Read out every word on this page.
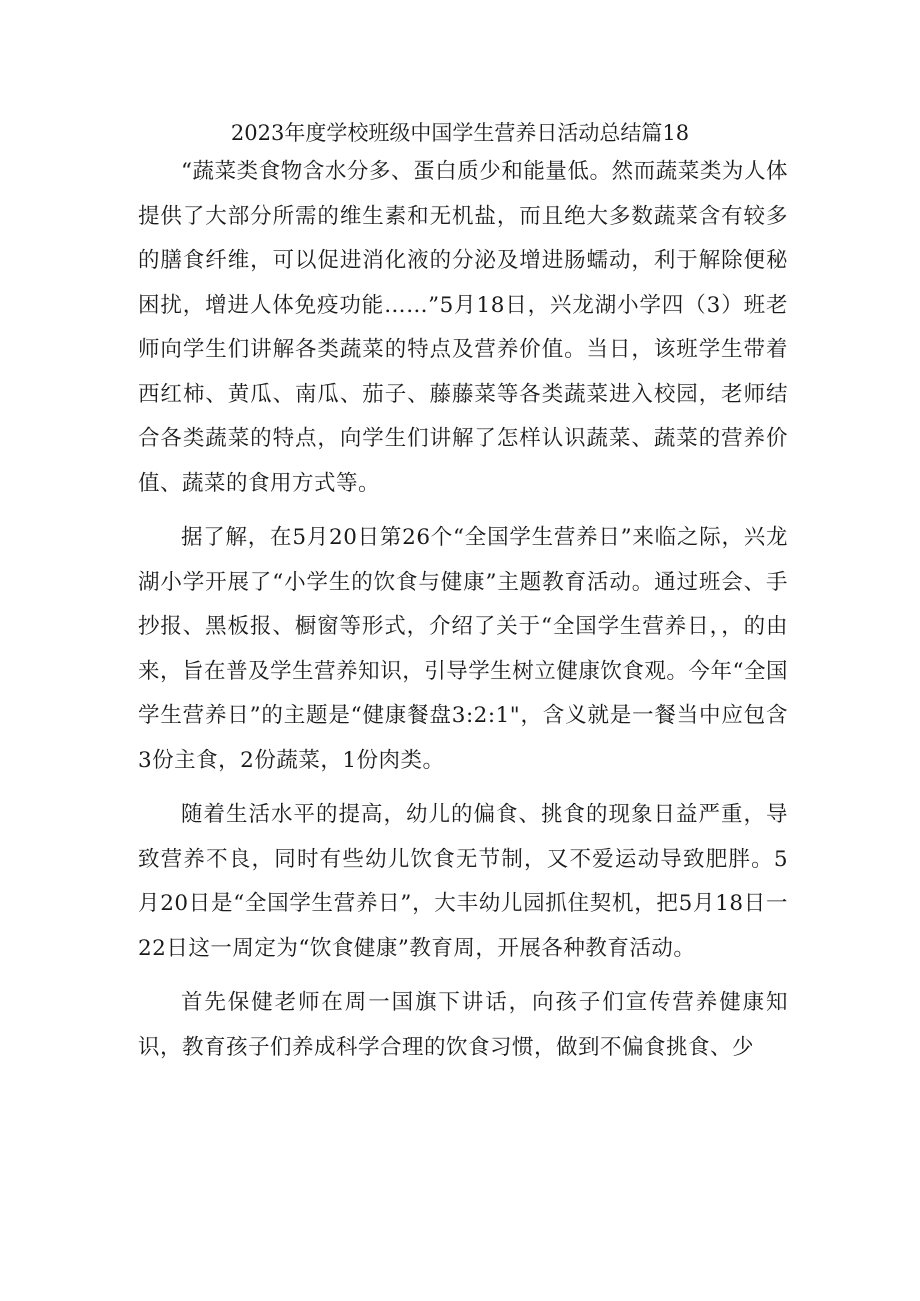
2023年度学校班级中国学生营养日活动总结篇18

“蔬菜类食物含水分多、蛋白质少和能量低。然而蔬菜类为人体提供了大部分所需的维生素和无机盐，而且绝大多数蔬菜含有较多的膳食纤维，可以促进消化液的分泌及增进肠蠕动，利于解除便秘困扰，增进人体免疫功能……”5月18日，兴龙湖小学四（3）班老师向学生们讲解各类蔬菜的特点及营养价值。当日，该班学生带着西红柿、黄瓜、南瓜、茄子、藤藤菜等各类蔬菜进入校园，老师结合各类蔬菜的特点，向学生们讲解了怎样认识蔬菜、蔬菜的营养价值、蔬菜的食用方式等。

据了解，在5月20日第26个“全国学生营养日”来临之际，兴龙湖小学开展了“小学生的饮食与健康”主题教育活动。通过班会、手抄报、黑板报、橱窗等形式，介绍了关于“全国学生营养日，，的由来，旨在普及学生营养知识，引导学生树立健康饮食观。今年“全国学生营养日”的主题是“健康餐盘3:2:1"，含义就是一餐当中应包含3份主食，2份蔬菜，1份肉类。

随着生活水平的提高，幼儿的偏食、挑食的现象日益严重，导致营养不良，同时有些幼儿饮食无节制，又不爱运动导致肥胖。5月20日是“全国学生营养日”，大丰幼儿园抓住契机，把5月18日一22日这一周定为“饮食健康”教育周，开展各种教育活动。

首先保健老师在周一国旗下讲话，向孩子们宣传营养健康知识，教育孩子们养成科学合理的饮食习惯，做到不偏食挑食、少
